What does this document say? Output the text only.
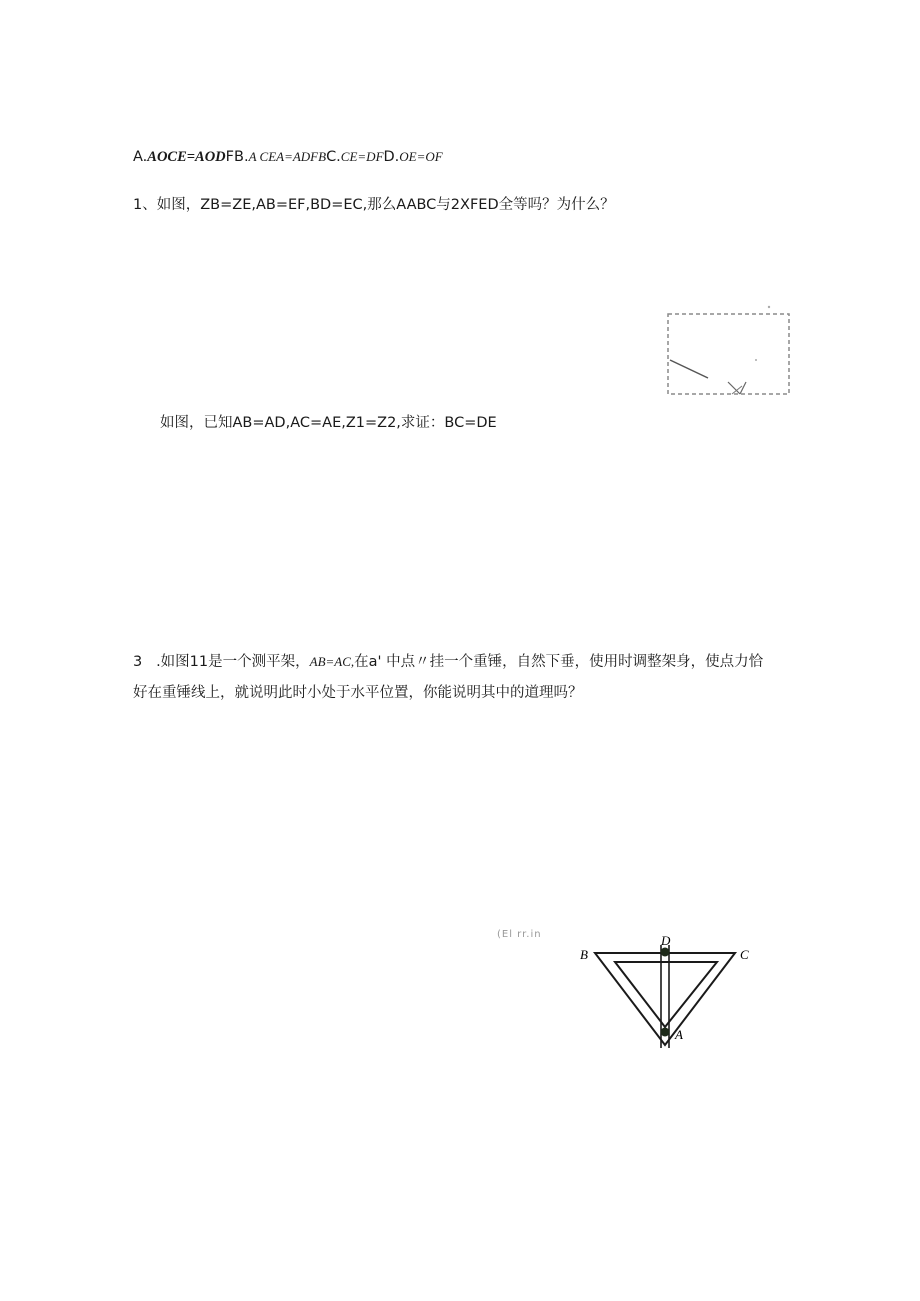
A.AOCE=AODFB.A CEA=ADFBC.CE=DFD.OE=OF
1、如图，ZB=ZE,AB=EF,BD=EC,那么AABC与2XFED全等吗？为什么？
如图，已知AB=AD,AC=AE,Z1=Z2,求证：BC=DE
3 .如图11是一个测平架，AB=AC,在a' 中点〃挂一个重锤，自然下垂，使用时调整架身，使点力恰
好在重锤线上，就说明此时小处于水平位置，你能说明其中的道理吗？
(El rr.in
B	C
D
A
